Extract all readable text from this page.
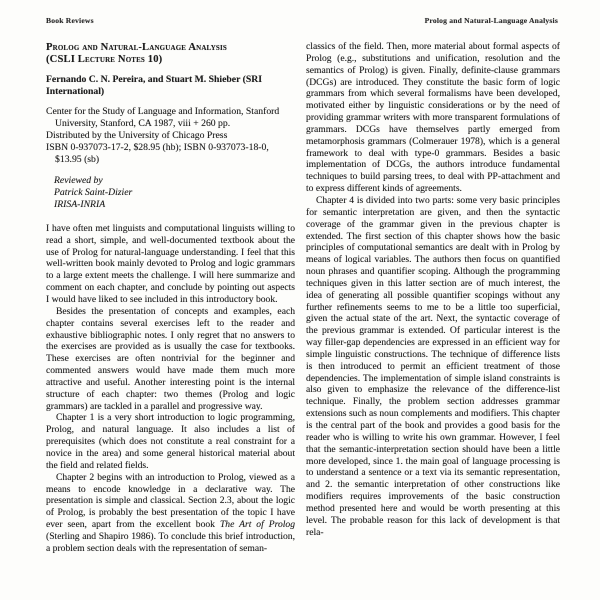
Book Reviews	Prolog and Natural-Language Analysis
Prolog and Natural-Language Analysis
(CSLI Lecture Notes 10)
Fernando C. N. Pereira, and Stuart M. Shieber (SRI International)
Center for the Study of Language and Information, Stanford University, Stanford, CA 1987, viii + 260 pp.
Distributed by the University of Chicago Press
ISBN 0-937073-17-2, $28.95 (hb); ISBN 0-937073-18-0, $13.95 (sb)
Reviewed by
Patrick Saint-Dizier
IRISA-INRIA

I have often met linguists and computational linguists willing to read a short, simple, and well-documented textbook about the use of Prolog for natural-language understanding. I feel that this well-written book mainly devoted to Prolog and logic grammars to a large extent meets the challenge. I will here summarize and comment on each chapter, and conclude by pointing out aspects I would have liked to see included in this introductory book.

Besides the presentation of concepts and examples, each chapter contains several exercises left to the reader and exhaustive bibliographic notes. I only regret that no answers to the exercises are provided as is usually the case for textbooks. These exercises are often nontrivial for the beginner and commented answers would have made them much more attractive and useful. Another interesting point is the internal structure of each chapter: two themes (Prolog and logic grammars) are tackled in a parallel and progressive way.

Chapter 1 is a very short introduction to logic programming, Prolog, and natural language. It also includes a list of prerequisites (which does not constitute a real constraint for a novice in the area) and some general historical material about the field and related fields.

Chapter 2 begins with an introduction to Prolog, viewed as a means to encode knowledge in a declarative way. The presentation is simple and classical. Section 2.3, about the logic of Prolog, is probably the best presentation of the topic I have ever seen, apart from the excellent book The Art of Prolog (Sterling and Shapiro 1986). To conclude this brief introduction, a problem section deals with the representation of seman-

classics of the field. Then, more material about formal aspects of Prolog (e.g., substitutions and unification, resolution and the semantics of Prolog) is given. Finally, definite-clause grammars (DCGs) are introduced. They constitute the basic form of logic grammars from which several formalisms have been developed, motivated either by linguistic considerations or by the need of providing grammar writers with more transparent formulations of grammars. DCGs have themselves partly emerged from metamorphosis grammars (Colmerauer 1978), which is a general framework to deal with type-0 grammars. Besides a basic implementation of DCGs, the authors introduce fundamental techniques to build parsing trees, to deal with PP-attachment and to express different kinds of agreements.

Chapter 4 is divided into two parts: some very basic principles for semantic interpretation are given, and then the syntactic coverage of the grammar given in the previous chapter is extended. The first section of this chapter shows how the basic principles of computational semantics are dealt with in Prolog by means of logical variables. The authors then focus on quantified noun phrases and quantifier scoping. Although the programming techniques given in this latter section are of much interest, the idea of generating all possible quantifier scopings without any further refinements seems to me to be a little too superficial, given the actual state of the art. Next, the syntactic coverage of the previous grammar is extended. Of particular interest is the way filler-gap dependencies are expressed in an efficient way for simple linguistic constructions. The technique of difference lists is then introduced to permit an efficient treatment of those dependencies. The implementation of simple island constraints is also given to emphasize the relevance of the difference-list technique. Finally, the problem section addresses grammar extensions such as noun complements and modifiers. This chapter is the central part of the book and provides a good basis for the reader who is willing to write his own grammar. However, I feel that the semantic-interpretation section should have been a little more developed, since 1. the main goal of language processing is to understand a sentence or a text via its semantic representation, and 2. the semantic interpretation of other constructions like modifiers requires improvements of the basic construction method presented here and would be worth presenting at this level. The probable reason for this lack of development is that rela-
